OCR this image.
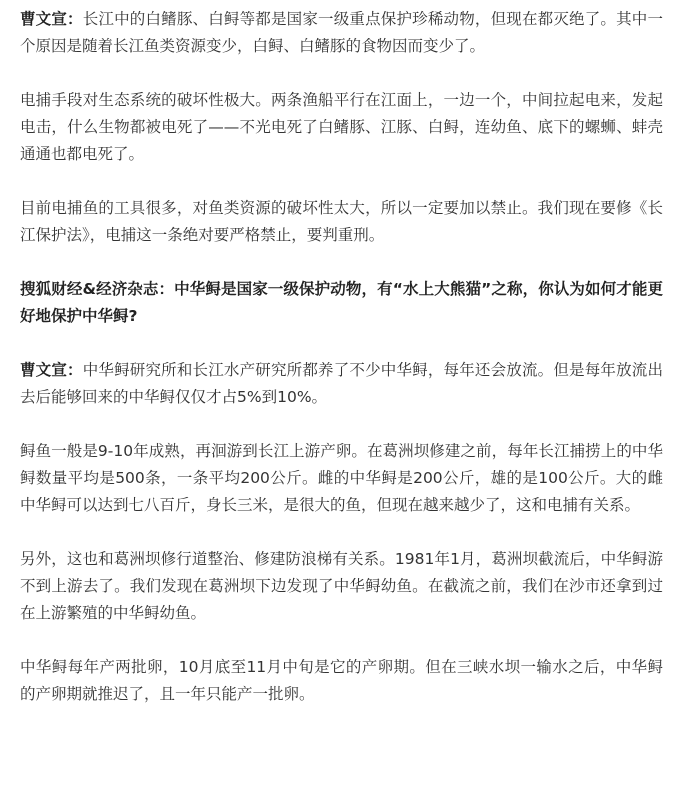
曹文宣：长江中的白鳍豚、白鲟等都是国家一级重点保护珍稀动物，但现在都灭绝了。其中一个原因是随着长江鱼类资源变少，白鲟、白鳍豚的食物因而变少了。

电捕手段对生态系统的破坏性极大。两条渔船平行在江面上，一边一个，中间拉起电来，发起电击，什么生物都被电死了——不光电死了白鳍豚、江豚、白鲟，连幼鱼、底下的螺蛳、蚌壳通通也都电死了。

目前电捕鱼的工具很多，对鱼类资源的破坏性太大，所以一定要加以禁止。我们现在要修《长江保护法》，电捕这一条绝对要严格禁止，要判重刑。

搜狐财经&经济杂志：中华鲟是国家一级保护动物，有“水上大熊猫”之称，你认为如何才能更好地保护中华鲟?

曹文宣：中华鲟研究所和长江水产研究所都养了不少中华鲟，每年还会放流。但是每年放流出去后能够回来的中华鲟仅仅才占5%到10%。

鲟鱼一般是9-10年成熟，再洄游到长江上游产卵。在葛洲坝修建之前，每年长江捕捞上的中华鲟数量平均是500条，一条平均200公斤。雌的中华鲟是200公斤，雄的是100公斤。大的雌中华鲟可以达到七八百斤，身长三米，是很大的鱼，但现在越来越少了，这和电捕有关系。

另外，这也和葛洲坝修行道整治、修建防浪梯有关系。1981年1月，葛洲坝截流后，中华鲟游不到上游去了。我们发现在葛洲坝下边发现了中华鲟幼鱼。在截流之前，我们在沙市还拿到过在上游繁殖的中华鲟幼鱼。

中华鲟每年产两批卵，10月底至11月中旬是它的产卵期。但在三峡水坝一输水之后，中华鲟的产卵期就推迟了，且一年只能产一批卵。
